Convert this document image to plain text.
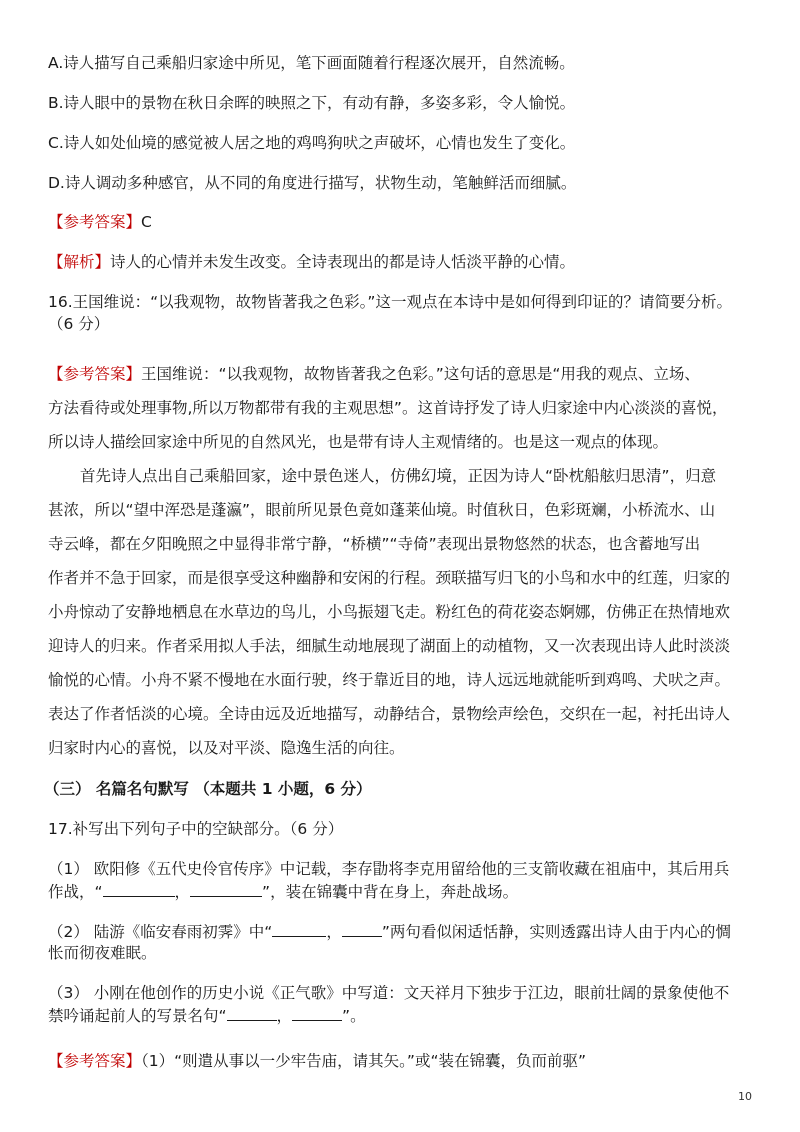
A.诗人描写自己乘船归家途中所见，笔下画面随着行程逐次展开，自然流畅。
B.诗人眼中的景物在秋日余晖的映照之下，有动有静，多姿多彩，令人愉悦。
C.诗人如处仙境的感觉被人居之地的鸡鸣狗吠之声破坏，心情也发生了变化。
D.诗人调动多种感官，从不同的角度进行描写，状物生动，笔触鲜活而细腻。
【参考答案】C
【解析】诗人的心情并未发生改变。全诗表现出的都是诗人恬淡平静的心情。
16.王国维说：“以我观物，故物皆著我之色彩。”这一观点在本诗中是如何得到印证的？请简要分析。
（6 分）
【参考答案】王国维说：“以我观物，故物皆著我之色彩。”这句话的意思是“用我的观点、立场、
方法看待或处理事物,所以万物都带有我的主观思想”。这首诗抒发了诗人归家途中内心淡淡的喜悦，
所以诗人描绘回家途中所见的自然风光，也是带有诗人主观情绪的。也是这一观点的体现。
首先诗人点出自己乘船回家，途中景色迷人，仿佛幻境，正因为诗人“卧枕船舷归思清”，归意
甚浓，所以“望中浑恐是蓬瀛”，眼前所见景色竟如蓬莱仙境。时值秋日，色彩斑斓，小桥流水、山
寺云峰，都在夕阳晚照之中显得非常宁静，“桥横”“寺倚”表现出景物悠然的状态，也含蓄地写出
作者并不急于回家，而是很享受这种幽静和安闲的行程。颈联描写归飞的小鸟和水中的红莲，归家的
小舟惊动了安静地栖息在水草边的鸟儿，小鸟振翅飞走。粉红色的荷花姿态婀娜，仿佛正在热情地欢
迎诗人的归来。作者采用拟人手法，细腻生动地展现了湖面上的动植物，又一次表现出诗人此时淡淡
愉悦的心情。小舟不紧不慢地在水面行驶，终于靠近目的地，诗人远远地就能听到鸡鸣、犬吠之声。
表达了作者恬淡的心境。全诗由远及近地描写，动静结合，景物绘声绘色，交织在一起，衬托出诗人
归家时内心的喜悦，以及对平淡、隐逸生活的向往。
（三） 名篇名句默写 （本题共 1 小题，6 分）
17.补写出下列句子中的空缺部分。（6 分）
（1） 欧阳修《五代史伶官传序》中记载，李存勖将李克用留给他的三支箭收藏在祖庙中，其后用兵
作战，“	，	”，装在锦囊中背在身上，奔赴战场。
（2） 陆游《临安春雨初霁》中“	，	”两句看似闲适恬静，实则透露出诗人由于内心的惆
怅而彻夜难眠。
（3） 小刚在他创作的历史小说《正气歌》中写道：文天祥月下独步于江边，眼前壮阔的景象使他不
禁吟诵起前人的写景名句“	，	”。
【参考答案】（1）“则遣从事以一少牢告庙，请其矢。”或“装在锦囊，负而前驱”
10
